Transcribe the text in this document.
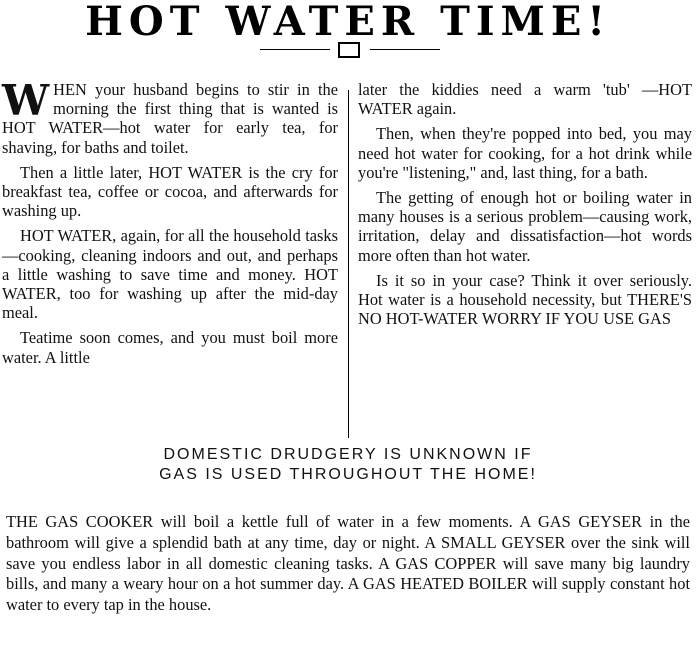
HOT WATER TIME!

WHEN your husband begins to stir in the morning the first thing that is wanted is HOT WATER—hot water for early tea, for shaving, for baths and toilet.

Then a little later, HOT WATER is the cry for breakfast tea, coffee or cocoa, and afterwards for washing up.

HOT WATER, again, for all the household tasks—cooking, cleaning indoors and out, and perhaps a little washing to save time and money. HOT WATER, too for washing up after the mid-day meal.

Teatime soon comes, and you must boil more water. A little

later the kiddies need a warm 'tub' —HOT WATER again.

Then, when they're popped into bed, you may need hot water for cooking, for a hot drink while you're "listening," and, last thing, for a bath.

The getting of enough hot or boiling water in many houses is a serious problem—causing work, irritation, delay and dissatisfaction—hot words more often than hot water.

Is it so in your case? Think it over seriously. Hot water is a household necessity, but THERE'S NO HOT-WATER WORRY IF YOU USE GAS

DOMESTIC DRUDGERY IS UNKNOWN IF
GAS IS USED THROUGHOUT THE HOME!

THE GAS COOKER will boil a kettle full of water in a few moments. A GAS GEYSER in the bathroom will give a splendid bath at any time, day or night. A SMALL GEYSER over the sink will save you endless labor in all domestic cleaning tasks. A GAS COPPER will save many big laundry bills, and many a weary hour on a hot summer day. A GAS HEATED BOILER will supply constant hot water to every tap in the house.
